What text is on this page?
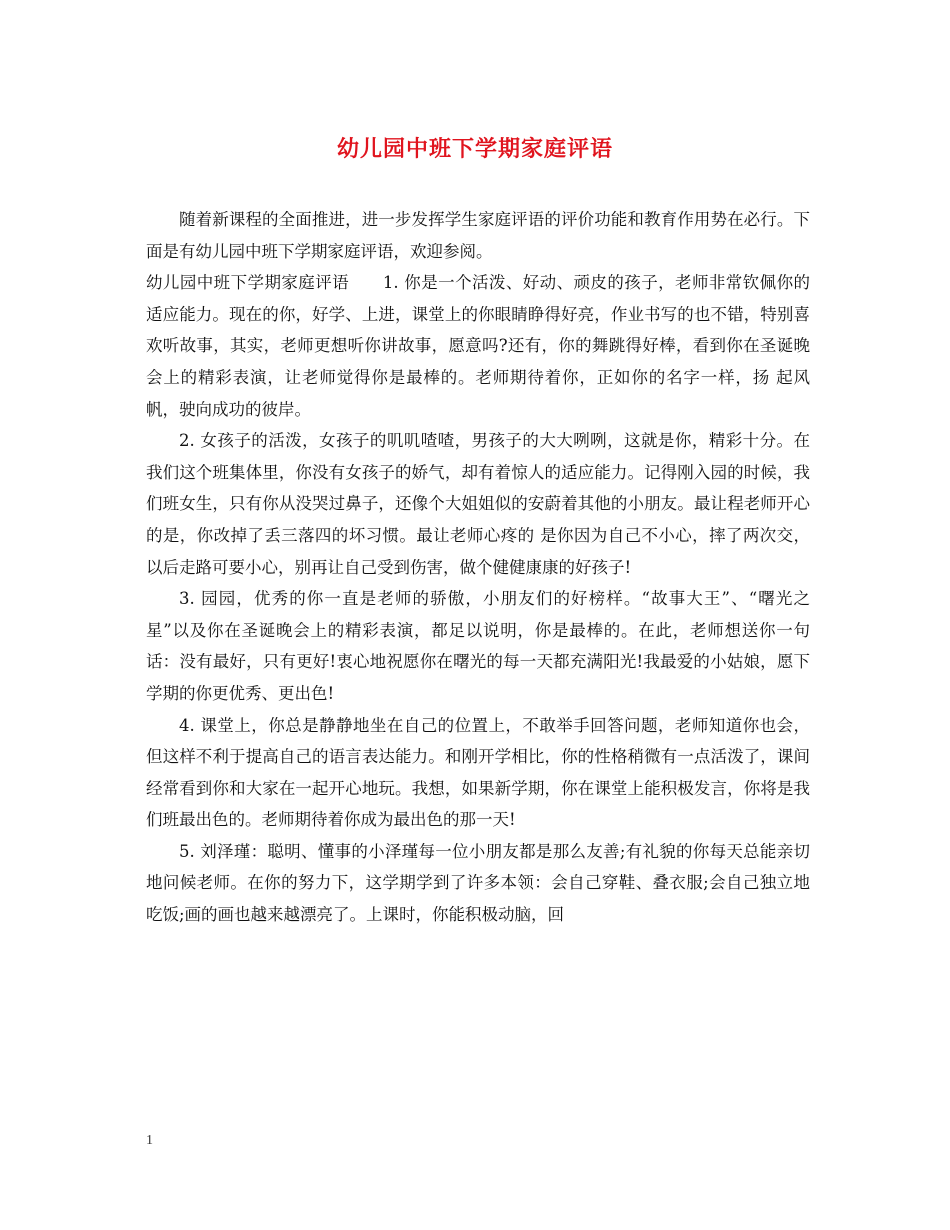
幼儿园中班下学期家庭评语

随着新课程的全面推进，进一步发挥学生家庭评语的评价功能和教育作用势在必行。下面是有幼儿园中班下学期家庭评语，欢迎参阅。

幼儿园中班下学期家庭评语　　1. 你是一个活泼、好动、顽皮的孩子，老师非常钦佩你的适应能力。现在的你，好学、上进，课堂上的你眼睛睁得好亮，作业书写的也不错，特别喜欢听故事，其实，老师更想听你讲故事，愿意吗?还有，你的舞跳得好棒，看到你在圣诞晚会上的精彩表演，让老师觉得你是最棒的。老师期待着你，正如你的名字一样，扬 起风帆，驶向成功的彼岸。

2. 女孩子的活泼，女孩子的叽叽喳喳，男孩子的大大咧咧，这就是你，精彩十分。在我们这个班集体里，你没有女孩子的娇气，却有着惊人的适应能力。记得刚入园的时候，我们班女生，只有你从没哭过鼻子，还像个大姐姐似的安蔚着其他的小朋友。最让程老师开心的是，你改掉了丢三落四的坏习惯。最让老师心疼的 是你因为自己不小心，摔了两次交，以后走路可要小心，别再让自己受到伤害，做个健健康康的好孩子!

3. 园园，优秀的你一直是老师的骄傲，小朋友们的好榜样。“故事大王”、“曙光之星”以及你在圣诞晚会上的精彩表演，都足以说明，你是最棒的。在此，老师想送你一句话：没有最好，只有更好!衷心地祝愿你在曙光的每一天都充满阳光!我最爱的小姑娘，愿下学期的你更优秀、更出色!

4. 课堂上，你总是静静地坐在自己的位置上，不敢举手回答问题，老师知道你也会，但这样不利于提高自己的语言表达能力。和刚开学相比，你的性格稍微有一点活泼了，课间经常看到你和大家在一起开心地玩。我想，如果新学期，你在课堂上能积极发言，你将是我们班最出色的。老师期待着你成为最出色的那一天!

5. 刘泽瑾：聪明、懂事的小泽瑾每一位小朋友都是那么友善;有礼貌的你每天总能亲切地问候老师。在你的努力下，这学期学到了许多本领：会自己穿鞋、叠衣服;会自己独立地吃饭;画的画也越来越漂亮了。上课时，你能积极动脑，回

1
